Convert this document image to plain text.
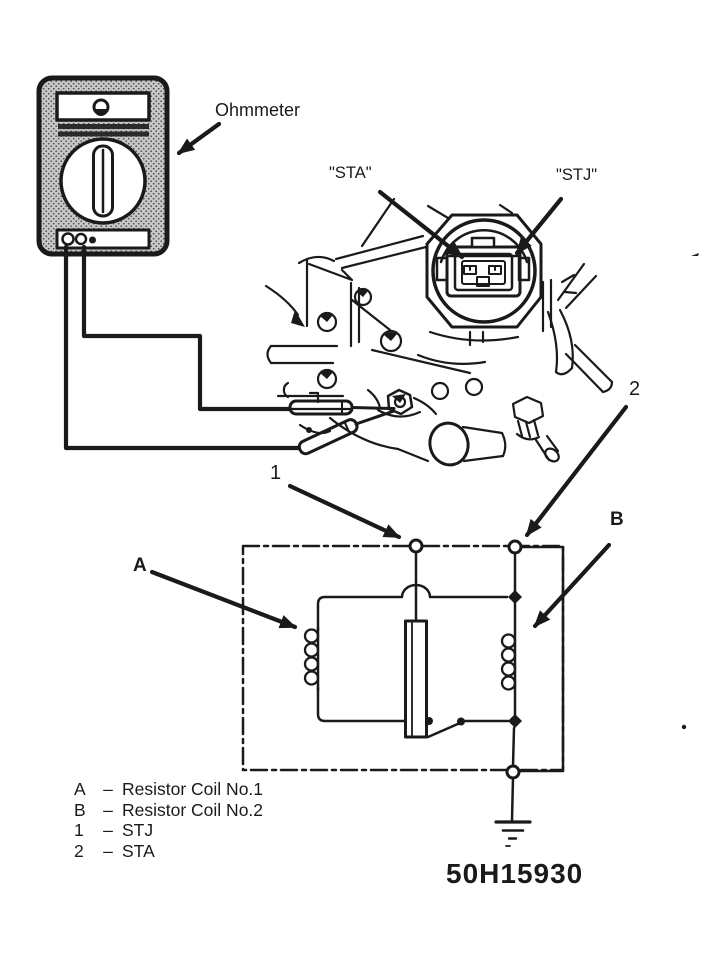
Ohmmeter
"STA"	"STJ"
1
2
A
B
A – Resistor Coil No.1
B – Resistor Coil No.2
1	– STJ
2	– STA
50H15930
